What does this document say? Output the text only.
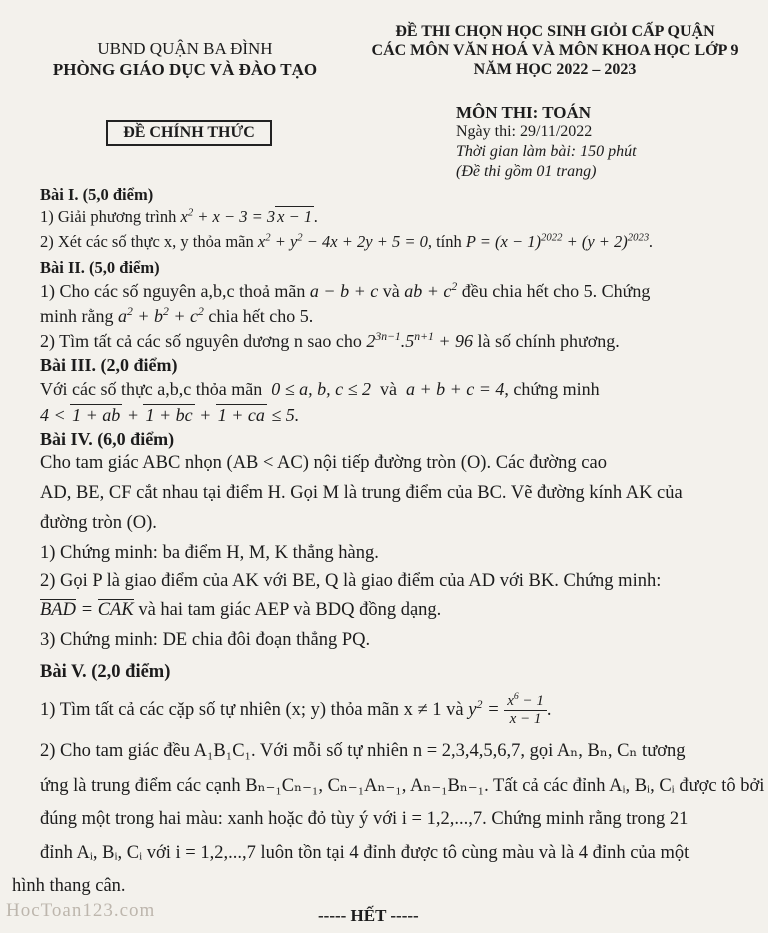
UBND QUẬN BA ĐÌNH
PHÒNG GIÁO DỤC VÀ ĐÀO TẠO
ĐỀ THI CHỌN HỌC SINH GIỎI CẤP QUẬN
CÁC MÔN VĂN HOÁ VÀ MÔN KHOA HỌC LỚP 9
NĂM HỌC 2022 – 2023
ĐỀ CHÍNH THỨC
MÔN THI: TOÁN
Ngày thi: 29/11/2022
Thời gian làm bài: 150 phút
(Đề thi gồm 01 trang)
Bài I. (5,0 điểm)
1) Giải phương trình $x^2 + x - 3 = 3$ x − 1 .
2) Xét các số thực x, y thỏa mãn $x^2 + y^2 - 4x + 2y + 5 = 0$, tính $P = (x - 1)^{2022} + (y + 2)^{2023}$.
Bài II. (5,0 điểm)
1) Cho các số nguyên a,b,c thoả mãn a − b + c và ab + $c^2$ đều chia hết cho 5. Chứng
minh rằng $a^2 + b^2 + c^2$ chia hết cho 5.
2) Tìm tất cả các số nguyên dương n sao cho $2^{3n-1}.5^{n+1} + 96$ là số chính phương.
Bài III. (2,0 điểm)
Với các số thực a,b,c thỏa mãn 0 ≤ a, b, c ≤ 2 và a + b + c = 4, chứng minh
4 < 1 + ab + 1 + bc + 1 + ca ≤ 5.
Bài IV. (6,0 điểm)
Cho tam giác ABC nhọn (AB < AC) nội tiếp đường tròn (O). Các đường cao
AD, BE, CF cắt nhau tại điểm H. Gọi M là trung điểm của BC. Vẽ đường kính AK của
đường tròn (O).
1) Chứng minh: ba điểm H, M, K thẳng hàng.
2) Gọi P là giao điểm của AK với BE, Q là giao điểm của AD với BK. Chứng minh:
BAD = CAK và hai tam giác AEP và BDQ đồng dạng.
3) Chứng minh: DE chia đôi đoạn thẳng PQ.
Bài V. (2,0 điểm)
1) Tìm tất cả các cặp số tự nhiên (x; y) thỏa mãn x ≠ 1 và $y^2 = \frac{x^6 - 1}{x - 1}$ .
2) Cho tam giác đều A₁B₁C₁. Với mỗi số tự nhiên n = 2,3,4,5,6,7, gọi Aₙ, Bₙ, Cₙ tương
ứng là trung điểm các cạnh Bₙ₋₁Cₙ₋₁, Cₙ₋₁Aₙ₋₁, Aₙ₋₁Bₙ₋₁. Tất cả các đỉnh Aᵢ, Bᵢ, Cᵢ được tô bởi
đúng một trong hai màu: xanh hoặc đỏ tùy ý với i = 1,2,...,7. Chứng minh rằng trong 21
đỉnh Aᵢ, Bᵢ, Cᵢ với i = 1,2,...,7 luôn tồn tại 4 đỉnh được tô cùng màu và là 4 đỉnh của một
hình thang cân.
HocToan123.com	----- HẾT -----
